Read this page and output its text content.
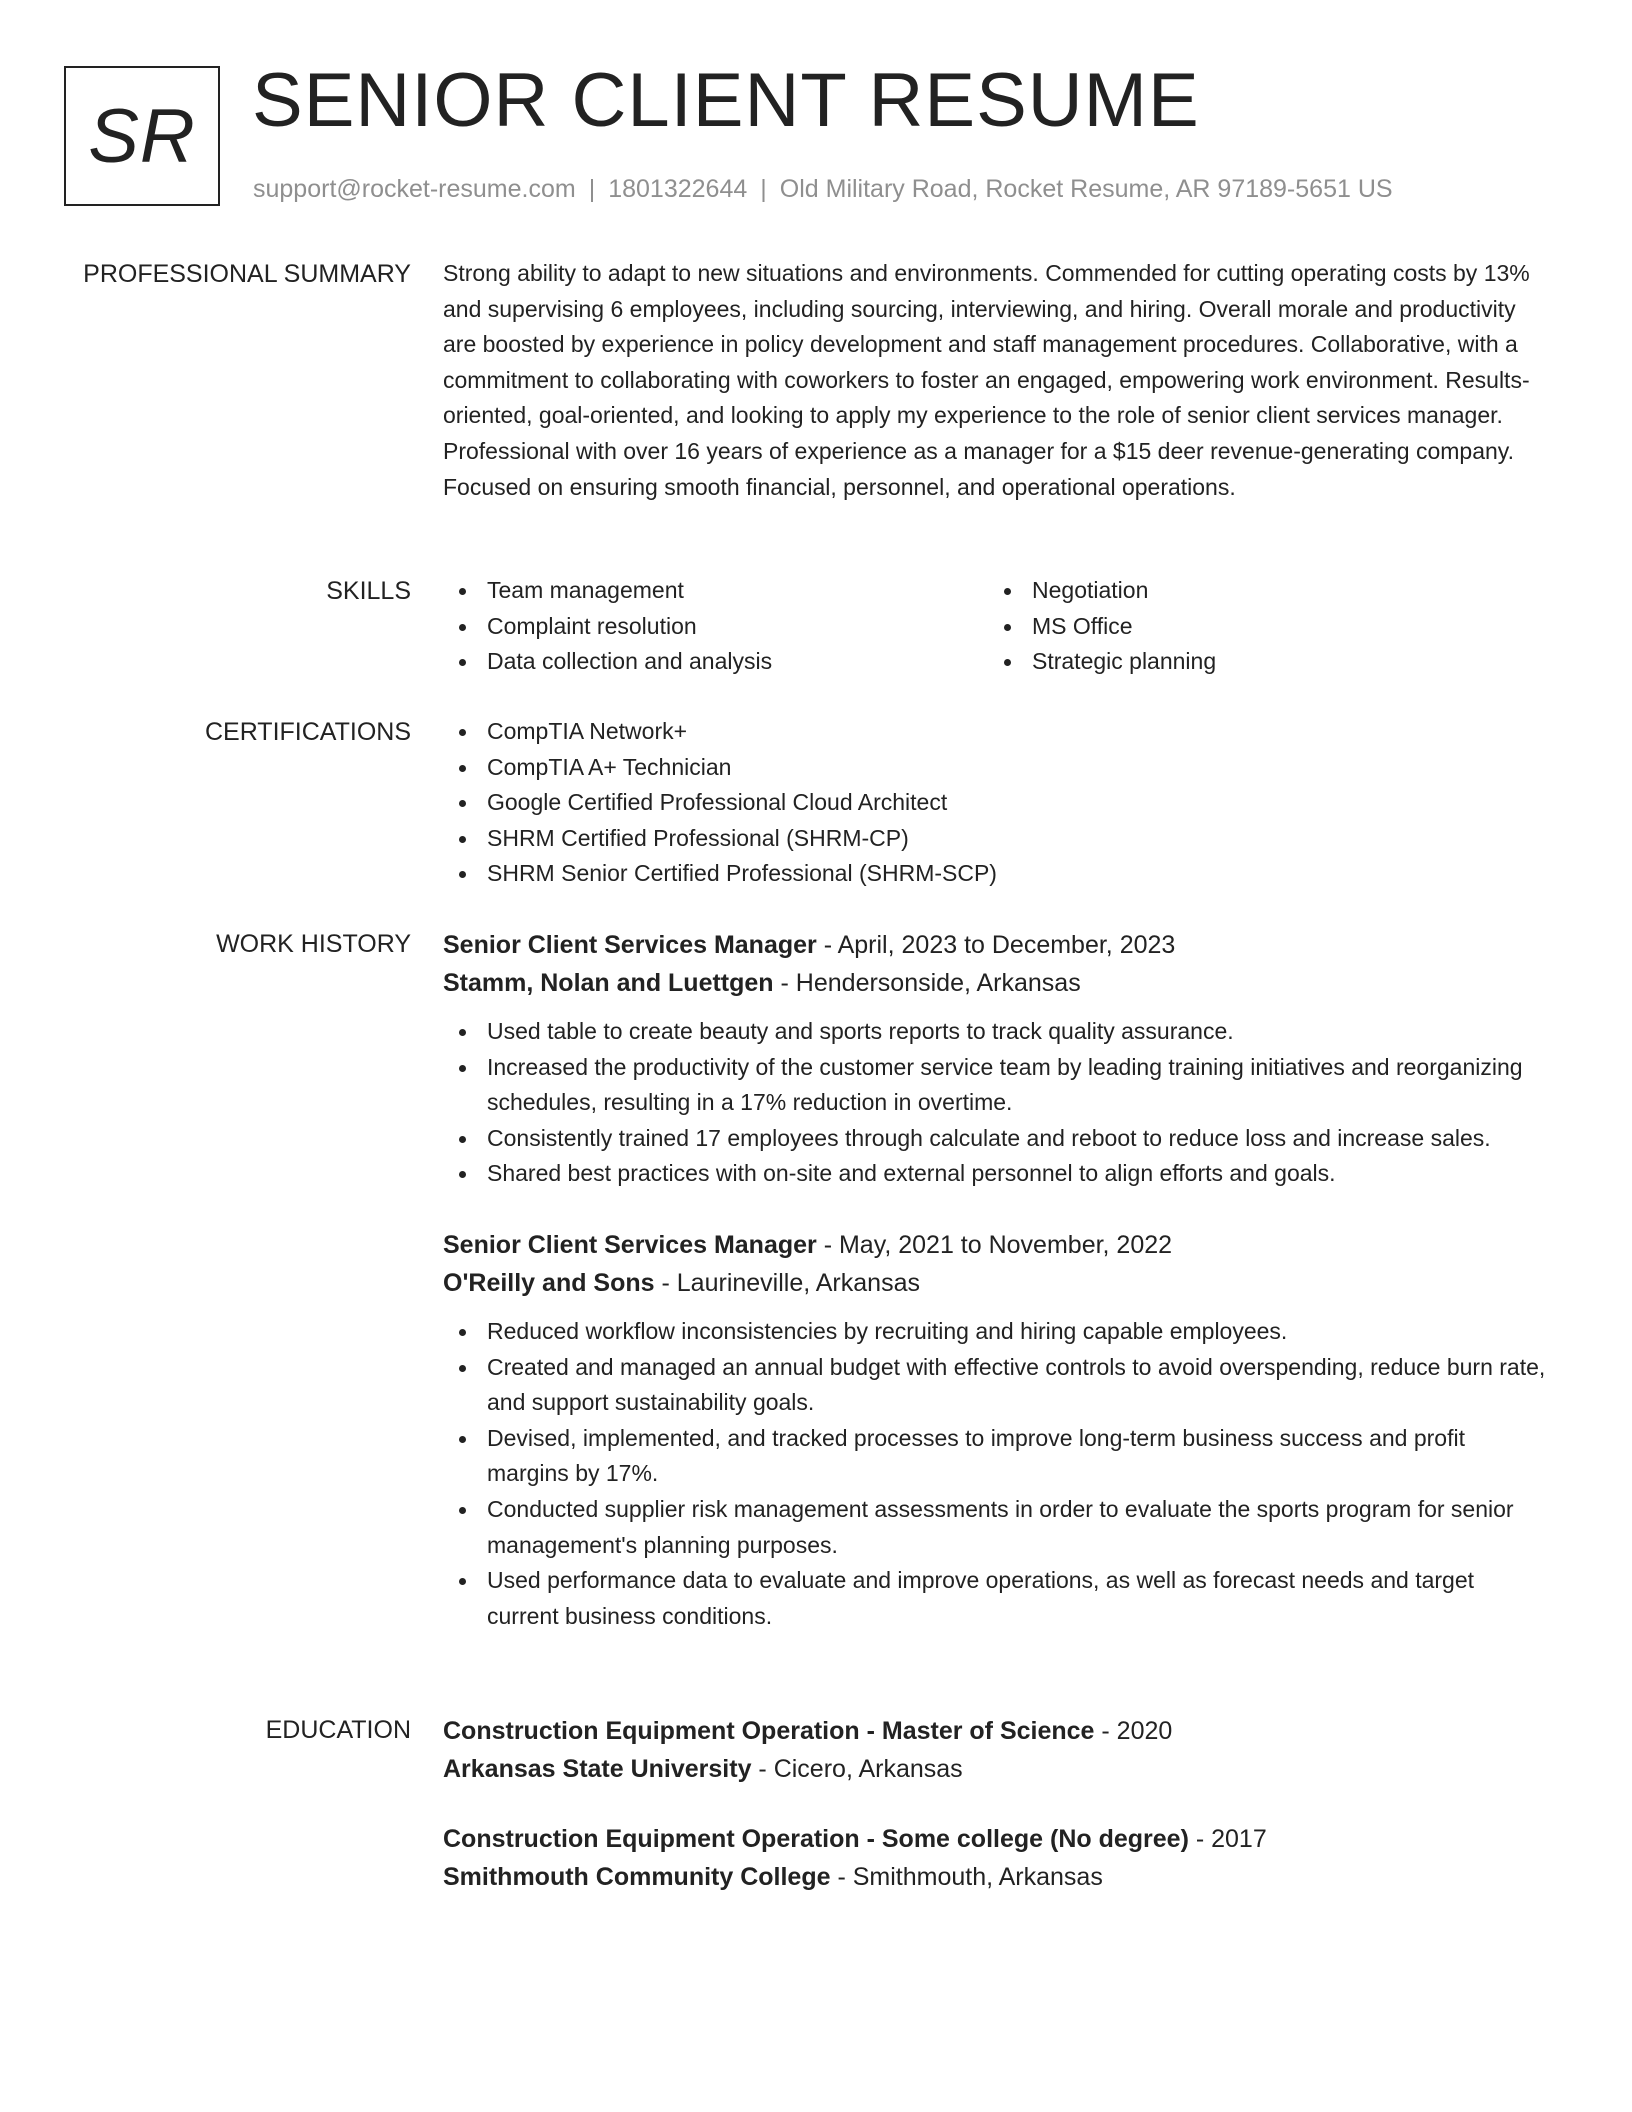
SR SENIOR CLIENT RESUME
support@rocket-resume.com | 1801322644 | Old Military Road, Rocket Resume, AR 97189-5651 US
PROFESSIONAL SUMMARY Strong ability to adapt to new situations and environments. Commended for cutting operating costs by 13% and supervising 6 employees, including sourcing, interviewing, and hiring. Overall morale and productivity are boosted by experience in policy development and staff management procedures. Collaborative, with a commitment to collaborating with coworkers to foster an engaged, empowering work environment. Results-oriented, goal-oriented, and looking to apply my experience to the role of senior client services manager. Professional with over 16 years of experience as a manager for a $15 deer revenue-generating company. Focused on ensuring smooth financial, personnel, and operational operations.

SKILLS	Team management
Complaint resolution
Data collection and analysis
Negotiation
MS Office
Strategic planning
CERTIFICATIONS	CompTIA Network+
CompTIA A+ Technician
Google Certified Professional Cloud Architect
SHRM Certified Professional (SHRM-CP)
SHRM Senior Certified Professional (SHRM-SCP)
WORK HISTORY Senior Client Services Manager - April, 2023 to December, 2023
Stamm, Nolan and Luettgen - Hendersonside, Arkansas
Used table to create beauty and sports reports to track quality assurance.
Increased the productivity of the customer service team by leading training initiatives and reorganizing schedules, resulting in a 17% reduction in overtime.
Consistently trained 17 employees through calculate and reboot to reduce loss and increase sales.
Shared best practices with on-site and external personnel to align efforts and goals.
Senior Client Services Manager - May, 2021 to November, 2022
O'Reilly and Sons - Laurineville, Arkansas
Reduced workflow inconsistencies by recruiting and hiring capable employees.
Created and managed an annual budget with effective controls to avoid overspending, reduce burn rate, and support sustainability goals.
Devised, implemented, and tracked processes to improve long-term business success and profit margins by 17%.
Conducted supplier risk management assessments in order to evaluate the sports program for senior management's planning purposes.
Used performance data to evaluate and improve operations, as well as forecast needs and target current business conditions.
EDUCATION Construction Equipment Operation - Master of Science - 2020
Arkansas State University - Cicero, Arkansas
Construction Equipment Operation - Some college (No degree) - 2017
Smithmouth Community College - Smithmouth, Arkansas
